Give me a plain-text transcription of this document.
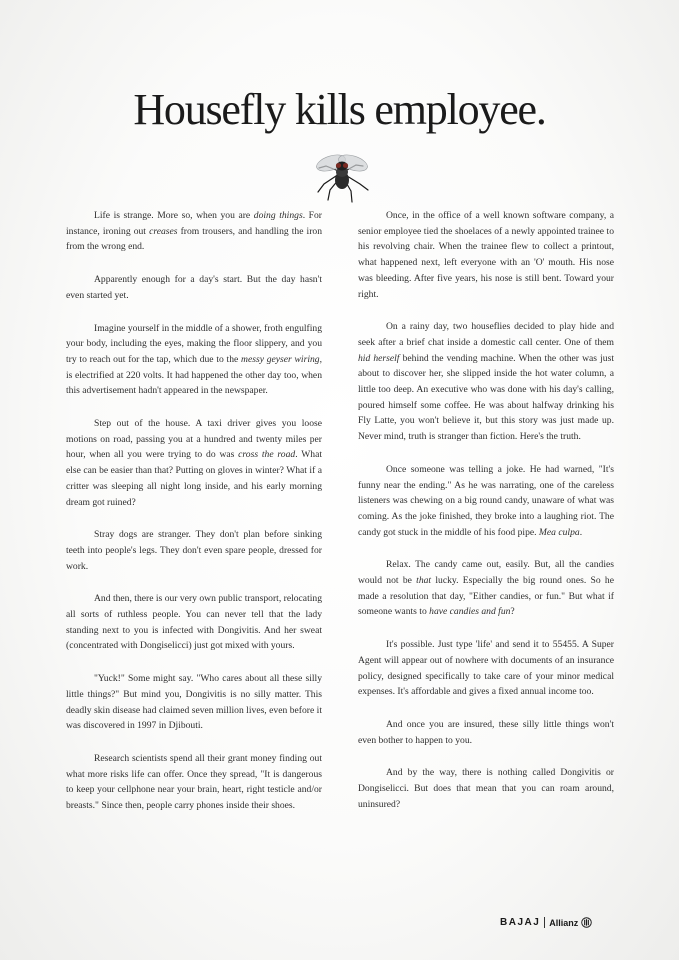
Housefly kills employee.

Life is strange. More so, when you are doing things. For instance, ironing out creases from trousers, and handling the iron from the wrong end.

Apparently enough for a day's start. But the day hasn't even started yet.

Imagine yourself in the middle of a shower, froth engulfing your body, including the eyes, making the floor slippery, and you try to reach out for the tap, which due to the messy geyser wiring, is electrified at 220 volts. It had happened the other day too, when this advertisement hadn't appeared in the newspaper.

Step out of the house. A taxi driver gives you loose motions on road, passing you at a hundred and twenty miles per hour, when all you were trying to do was cross the road. What else can be easier than that? Putting on gloves in winter? What if a critter was sleeping all night long inside, and his early morning dream got ruined?

Stray dogs are stranger. They don't plan before sinking teeth into people's legs. They don't even spare people, dressed for work.

And then, there is our very own public transport, relocating all sorts of ruthless people. You can never tell that the lady standing next to you is infected with Dongivitis. And her sweat (concentrated with Dongiselicci) just got mixed with yours.

"Yuck!" Some might say. "Who cares about all these silly little things?" But mind you, Dongivitis is no silly matter. This deadly skin disease had claimed seven million lives, even before it was discovered in 1997 in Djibouti.

Research scientists spend all their grant money finding out what more risks life can offer. Once they spread, "It is dangerous to keep your cellphone near your brain, heart, right testicle and/or breasts." Since then, people carry phones inside their shoes.

Once, in the office of a well known software company, a senior employee tied the shoelaces of a newly appointed trainee to his revolving chair. When the trainee flew to collect a printout, what happened next, left everyone with an 'O' mouth. His nose was bleeding. After five years, his nose is still bent. Toward your right.

On a rainy day, two houseflies decided to play hide and seek after a brief chat inside a domestic call center. One of them hid herself behind the vending machine. When the other was just about to discover her, she slipped inside the hot water column, a little too deep. An executive who was done with his day's calling, poured himself some coffee. He was about halfway drinking his Fly Latte, you won't believe it, but this story was just made up. Never mind, truth is stranger than fiction. Here's the truth.

Once someone was telling a joke. He had warned, "It's funny near the ending." As he was narrating, one of the careless listeners was chewing on a big round candy, unaware of what was coming. As the joke finished, they broke into a laughing riot. The candy got stuck in the middle of his food pipe. Mea culpa.

Relax. The candy came out, easily. But, all the candies would not be that lucky. Especially the big round ones. So he made a resolution that day, "Either candies, or fun." But what if someone wants to have candies and fun?

It's possible. Just type 'life' and send it to 55455. A Super Agent will appear out of nowhere with documents of an insurance policy, designed specifically to take care of your minor medical expenses. It's affordable and gives a fixed annual income too.

And once you are insured, these silly little things won't even bother to happen to you.

And by the way, there is nothing called Dongivitis or Dongiselicci. But does that mean that you can roam around, uninsured?

BAJAJ Allianz
